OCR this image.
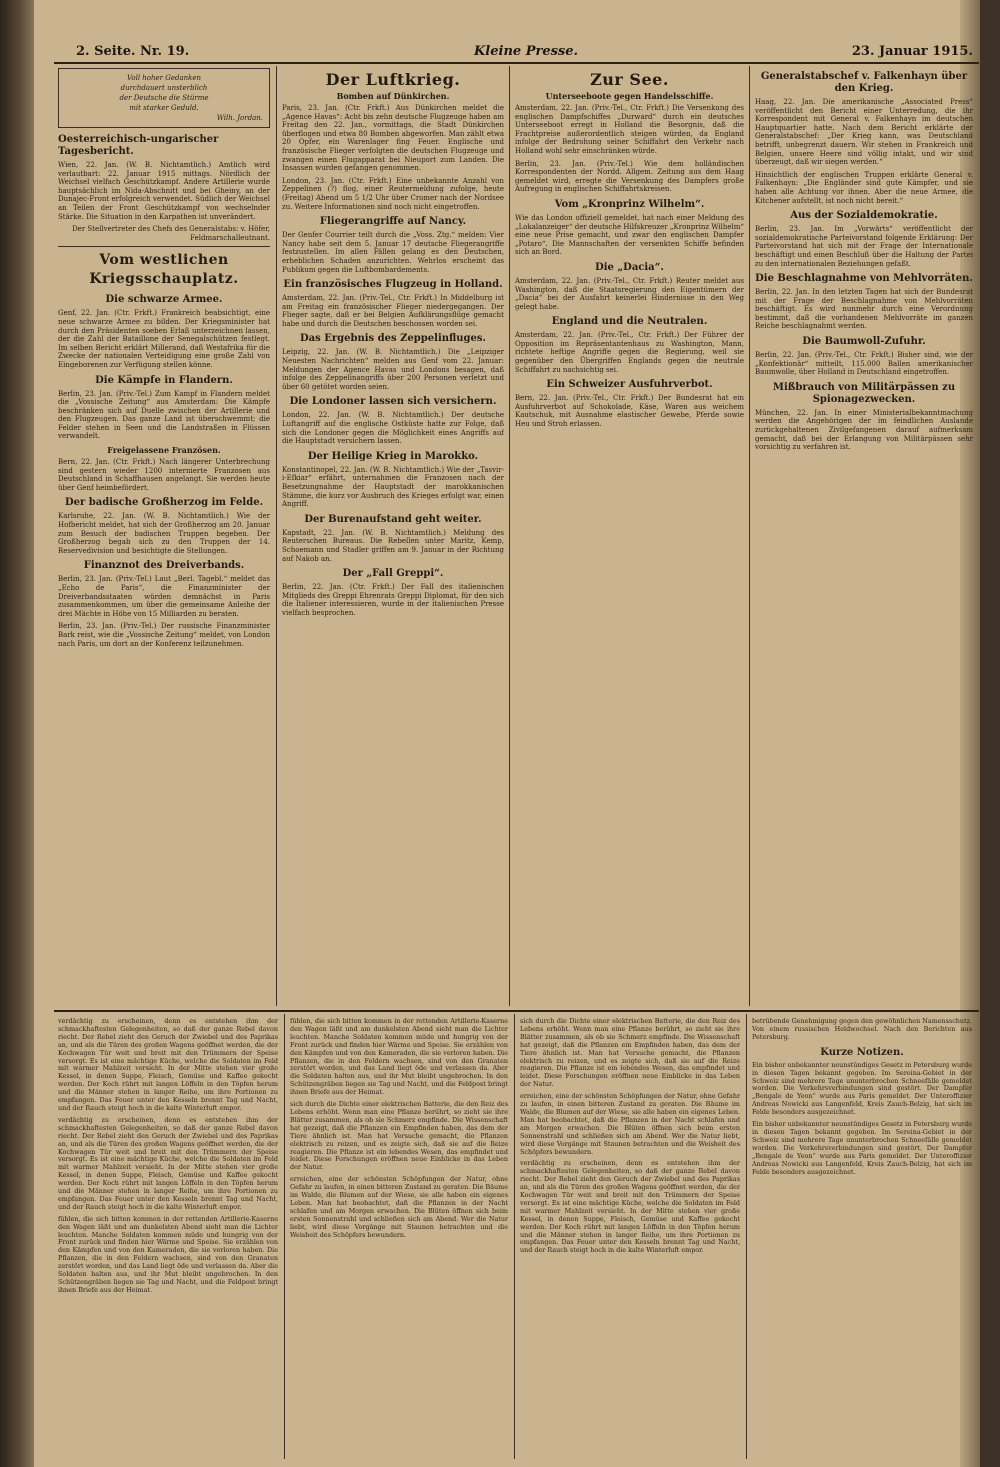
2. Seite. Nr. 19.	Kleine Presse.	23. Januar 1915.
Voll hoher Gedanken
durchdauert unsterblich
der Deutsche die Stürme
mit starker Geduld.
Wilh. Jordan.
Oesterreichisch-ungarischer Tagesbericht.

Wien, 22. Jan. (W. B. Nichtamtlich.) Amtlich wird verlautbart: 22. Januar 1915 mittags. Nördlich der Weichsel vielfach Geschützkampf. Andere Artillerie wurde hauptsächlich im Nida-Abschnitt und bei Gheiny, an der Dunajec-Front erfolgreich verwendet. Südlich der Weichsel an Teilen der Front Geschützkampf von wechselnder Stärke. Die Situation in den Karpathen ist unverändert.

Der Stellvertreter des Chefs des Generalstabs: v. Höfer, Feldmarschalleutnant.

Vom westlichen Kriegsschauplatz.
Die schwarze Armee.

Genf, 22. Jan. (Ctr. Frkft.) Frankreich beabsichtigt, eine neue schwarze Armee zu bilden. Der Kriegsminister hat durch den Präsidenten soeben Erlaß unterzeichnen lassen, der die Zahl der Bataillone der Senegalschützen festlegt. Im selben Bericht erklärt Millerand, daß Westafrika für die Zwecke der nationalen Verteidigung eine große Zahl von Eingeborenen zur Verfügung stellen könne.

Die Kämpfe in Flandern.

Berlin, 23. Jan. (Priv.-Tel.) Zum Kampf in Flandern meldet die „Vossische Zeitung“ aus Amsterdam: Die Kämpfe beschränken sich auf Duelle zwischen der Artillerie und den Flugzeugen. Das ganze Land ist überschwemmt; die Felder stehen in Seen und die Landstraßen in Flüssen verwandelt.

Freigelassene Französen.

Bern, 22. Jan. (Ctr. Frkft.) Nach längerer Unterbrechung sind gestern wieder 1200 internierte Franzosen aus Deutschland in Schaffhausen angelangt. Sie werden heute über Genf heimbefördert.

Der badische Großherzog im Felde.

Karlsruhe, 22. Jan. (W. B. Nichtamtlich.) Wie der Hofbericht meldet, hat sich der Großherzog am 20. Januar zum Besuch der badischen Truppen begeben. Der Großherzog begab sich zu den Truppen der 14. Reservedivision und besichtigte die Stellungen.

Finanznot des Dreiverbands.

Berlin, 23. Jan. (Priv.-Tel.) Laut „Berl. Tagebl.“ meldet das „Echo de Paris“, die Finanzminister der Dreiverbandsstaaten würden demnächst in Paris zusammenkommen, um über die gemeinsame Anleihe der drei Mächte in Höhe von 15 Milliarden zu beraten.

Berlin, 23. Jan. (Priv.-Tel.) Der russische Finanzminister Bark reist, wie die „Vossische Zeitung“ meldet, von London nach Paris, um dort an der Konferenz teilzunehmen.

Der Luftkrieg.
Bomben auf Dünkirchen.

Paris, 23. Jan. (Ctr. Frkft.) Aus Dünkirchen meldet die „Agence Havas“: Acht bis zehn deutsche Flugzeuge haben am Freitag den 22. Jan., vormittags, die Stadt Dünkirchen überflogen und etwa 80 Bomben abgeworfen. Man zählt etwa 20 Opfer, ein Warenlager fing Feuer. Englische und französische Flieger verfolgten die deutschen Flugzeuge und zwangen einen Flugapparat bei Nieuport zum Landen. Die Insassen wurden gefangen genommen.

London, 23. Jan. (Ctr. Frkft.) Eine unbekannte Anzahl von Zeppelinen (?) flog, einer Reutermeldung zufolge, heute (Freitag) Abend um 5 1/2 Uhr über Cromer nach der Nordsee zu. Weitere Informationen sind noch nicht eingetroffen.

Fliegerangriffe auf Nancy.

Der Genfer Courrier teilt durch die „Voss. Ztg.“ melden: Vier Nancy habe seit dem 5. Januar 17 deutsche Fliegerangriffe festzustellen. Im allen Fällen gelang es den Deutschen, erheblichen Schaden anzurichten. Wehrlos erscheint das Publikum gegen die Luftbombardements.

Ein französisches Flugzeug in Holland.

Amsterdam, 22. Jan. (Priv.-Tel., Ctr. Frkft.) In Middelburg ist am Freitag ein französischer Flieger niedergegangen. Der Flieger sagte, daß er bei Belgien Aufklärungsflüge gemacht habe und durch die Deutschen beschossen worden sei.

Das Ergebnis des Zeppelinfluges.

Leipzig, 22. Jan. (W. B. Nichtamtlich.) Die „Leipziger Neuesten Nachrichten“ melden aus Genf vom 22. Januar: Meldungen der Agence Havas und Londons besagen, daß infolge des Zeppelinangriffs über 200 Personen verletzt und über 60 getötet worden seien.

Die Londoner lassen sich versichern.

London, 22. Jan. (W. B. Nichtamtlich.) Der deutsche Luftangriff auf die englische Ostküste hatte zur Folge, daß sich die Londoner gegen die Möglichkeit eines Angriffs auf die Hauptstadt versichern lassen.

Der Heilige Krieg in Marokko.

Konstantinopel, 22. Jan. (W. B. Nichtamtlich.) Wie der „Tasvir-i-Efkiar“ erfährt, unternahmen die Franzosen nach der Besetzungnahme der Hauptstadt der marokkanischen Stämme, die kurz vor Ausbruch des Krieges erfolgt war, einen Angriff.

Der Burenaufstand geht weiter.

Kapstadt, 22. Jan. (W. B. Nichtamtlich.) Meldung des Reuterschen Bureaus. Die Rebellen unter Maritz, Kemp, Schoemann und Stadler griffen am 9. Januar in der Richtung auf Nakob an.

Der „Fall Greppi“.

Berlin, 22. Jan. (Ctr. Frkft.) Der Fall des italienischen Mitglieds des Greppi Ehrenrats Greppi Diplomat, für den sich die Italiener interessieren, wurde in der italienischen Presse vielfach besprochen.

Zur See.
Unterseeboote gegen Handelsschiffe.

Amsterdam, 22. Jan. (Priv.-Tel., Ctr. Frkft.) Die Versenkung des englischen Dampfschiffes „Durward“ durch ein deutsches Unterseeboot erregt in Holland die Besorgnis, daß die Frachtpreise außerordentlich steigen würden, da England infolge der Bedrohung seiner Schiffahrt den Verkehr nach Holland wohl sehr einschränken würde.

Berlin, 23. Jan. (Priv.-Tel.) Wie dem holländischen Korrespondenten der Nordd. Allgem. Zeitung aus dem Haag gemeldet wird, erregte die Versenkung des Dampfers große Aufregung in englischen Schiffahrtskreisen.

Vom „Kronprinz Wilhelm“.

Wie das London offiziell gemeldet, hat nach einer Meldung des „Lokalanzeiger“ der deutsche Hilfskreuzer „Kronprinz Wilhelm“ eine neue Prise gemacht, und zwar den englischen Dampfer „Potaro“. Die Mannschaften der versenkten Schiffe befinden sich an Bord.

Die „Dacia“.

Amsterdam, 22. Jan. (Priv.-Tel., Ctr. Frkft.) Reuter meldet aus Washington, daß die Staatsregierung den Eigentümern der „Dacia“ bei der Ausfahrt keinerlei Hindernisse in den Weg gelegt habe.

England und die Neutralen.

Amsterdam, 22. Jan. (Priv.-Tel., Ctr. Frkft.) Der Führer der Opposition im Repräsentantenhaus zu Washington, Mann, richtete heftige Angriffe gegen die Regierung, weil sie gegenüber den Übergriffen Englands gegen die neutrale Schiffahrt zu nachsichtig sei.

Ein Schweizer Ausfuhrverbot.

Bern, 22. Jan. (Priv.-Tel., Ctr. Frkft.) Der Bundesrat hat ein Ausfuhrverbot auf Schokolade, Käse, Waren aus weichem Kautschuk, mit Ausnahme elastischer Gewebe, Pferde sowie Heu und Stroh erlassen.

Generalstabschef v. Falkenhayn über den Krieg.

Haag, 22. Jan. Die amerikanische „Associated Press“ veröffentlicht den Bericht einer Unterredung, die ihr Korrespondent mit General v. Falkenhayn im deutschen Hauptquartier hatte. Nach dem Bericht erklärte der Generalstabschef: „Der Krieg kann, was Deutschland betrifft, unbegrenzt dauern. Wir stehen in Frankreich und Belgien, unsere Heere sind völlig intakt, und wir sind überzeugt, daß wir siegen werden.“

Hinsichtlich der englischen Truppen erklärte General v. Falkenhayn: „Die Engländer sind gute Kämpfer, und sie haben alle Achtung vor ihnen. Aber die neue Armee, die Kitchener aufstellt, ist noch nicht bereit.“

Aus der Sozialdemokratie.

Berlin, 23. Jan. Im „Vorwärts“ veröffentlicht der sozialdemokratische Parteivorstand folgende Erklärung: Der Parteivorstand hat sich mit der Frage der Internationale beschäftigt und einen Beschluß über die Haltung der Partei zu den internationalen Beziehungen gefaßt.

Die Beschlagnahme von Mehlvorräten.

Berlin, 22. Jan. In den letzten Tagen hat sich der Bundesrat mit der Frage der Beschlagnahme von Mehlvorräten beschäftigt. Es wird nunmehr durch eine Verordnung bestimmt, daß die vorhandenen Mehlvorräte im ganzen Reiche beschlagnahmt werden.

Die Baumwoll-Zufuhr.

Berlin, 22. Jan. (Priv.-Tel., Ctr. Frkft.) Bisher sind, wie der „Konfektionär“ mitteilt, 115.000 Ballen amerikanischer Baumwolle, über Holland in Deutschland eingetroffen.

Mißbrauch von Militärpässen zu Spionagezwecken.

München, 22. Jan. In einer Ministerialbekanntmachung werden die Angehörigen der im feindlichen Auslande zurückgehaltenen Zivilgefangenen darauf aufmerksam gemacht, daß bei der Erlangung von Militärpässen sehr vorsichtig zu verfahren ist.

verdächtig zu erscheinen, denn es entstehen ihm der schmackhaftesten Gelegenheiten, so daß der ganze Rebel davon riecht. Der Rebel zieht den Geruch der Zwiebel und des Paprikas an, und als die Türen des großen Wagens geöffnet werden, die der Kochwagen Tür weit und breit mit den Trümmern der Speise versorgt. Es ist eine mächtige Küche, welche die Soldaten im Feld mit warmer Mahlzeit versieht. In der Mitte stehen vier große Kessel, in denen Suppe, Fleisch, Gemüse und Kaffee gekocht werden. Der Koch rührt mit langen Löffeln in den Töpfen herum und die Männer stehen in langer Reihe, um ihre Portionen zu empfangen. Das Feuer unter den Kesseln brennt Tag und Nacht, und der Rauch steigt hoch in die kalte Winterluft empor.

verdächtig zu erscheinen, denn es entstehen ihm der schmackhaftesten Gelegenheiten, so daß der ganze Rebel davon riecht. Der Rebel zieht den Geruch der Zwiebel und des Paprikas an, und als die Türen des großen Wagens geöffnet werden, die der Kochwagen Tür weit und breit mit den Trümmern der Speise versorgt. Es ist eine mächtige Küche, welche die Soldaten im Feld mit warmer Mahlzeit versieht. In der Mitte stehen vier große Kessel, in denen Suppe, Fleisch, Gemüse und Kaffee gekocht werden. Der Koch rührt mit langen Löffeln in den Töpfen herum und die Männer stehen in langer Reihe, um ihre Portionen zu empfangen. Das Feuer unter den Kesseln brennt Tag und Nacht, und der Rauch steigt hoch in die kalte Winterluft empor.

fühlen, die sich bitten kommen in der rettenden Artillerie-Kaserne den Wagen läßt und am dunkelsten Abend sieht man die Lichter leuchten. Manche Soldaten kommen müde und hungrig von der Front zurück und finden hier Wärme und Speise. Sie erzählen von den Kämpfen und von den Kameraden, die sie verloren haben. Die Pflanzen, die in den Feldern wachsen, sind von den Granaten zerstört worden, und das Land liegt öde und verlassen da. Aber die Soldaten halten aus, und ihr Mut bleibt ungebrochen. In den Schützengräben liegen sie Tag und Nacht, und die Feldpost bringt ihnen Briefe aus der Heimat.

fühlen, die sich bitten kommen in der rettenden Artillerie-Kaserne den Wagen läßt und am dunkelsten Abend sieht man die Lichter leuchten. Manche Soldaten kommen müde und hungrig von der Front zurück und finden hier Wärme und Speise. Sie erzählen von den Kämpfen und von den Kameraden, die sie verloren haben. Die Pflanzen, die in den Feldern wachsen, sind von den Granaten zerstört worden, und das Land liegt öde und verlassen da. Aber die Soldaten halten aus, und ihr Mut bleibt ungebrochen. In den Schützengräben liegen sie Tag und Nacht, und die Feldpost bringt ihnen Briefe aus der Heimat.

sich durch die Dichte einer elektrischen Batterie, die den Reiz des Lebens erhöht. Wenn man eine Pflanze berührt, so zieht sie ihre Blätter zusammen, als ob sie Schmerz empfinde. Die Wissenschaft hat gezeigt, daß die Pflanzen ein Empfinden haben, das dem der Tiere ähnlich ist. Man hat Versuche gemacht, die Pflanzen elektrisch zu reizen, und es zeigte sich, daß sie auf die Reize reagieren. Die Pflanze ist ein lebendes Wesen, das empfindet und leidet. Diese Forschungen eröffnen neue Einblicke in das Leben der Natur.

erreichen, eine der schönsten Schöpfungen der Natur, ohne Gefahr zu laufen, in einen bitteren Zustand zu geraten. Die Bäume im Walde, die Blumen auf der Wiese, sie alle haben ein eigenes Leben. Man hat beobachtet, daß die Pflanzen in der Nacht schlafen und am Morgen erwachen. Die Blüten öffnen sich beim ersten Sonnenstrahl und schließen sich am Abend. Wer die Natur liebt, wird diese Vorgänge mit Staunen betrachten und die Weisheit des Schöpfers bewundern.

sich durch die Dichte einer elektrischen Batterie, die den Reiz des Lebens erhöht. Wenn man eine Pflanze berührt, so zieht sie ihre Blätter zusammen, als ob sie Schmerz empfinde. Die Wissenschaft hat gezeigt, daß die Pflanzen ein Empfinden haben, das dem der Tiere ähnlich ist. Man hat Versuche gemacht, die Pflanzen elektrisch zu reizen, und es zeigte sich, daß sie auf die Reize reagieren. Die Pflanze ist ein lebendes Wesen, das empfindet und leidet. Diese Forschungen eröffnen neue Einblicke in das Leben der Natur.

erreichen, eine der schönsten Schöpfungen der Natur, ohne Gefahr zu laufen, in einen bitteren Zustand zu geraten. Die Bäume im Walde, die Blumen auf der Wiese, sie alle haben ein eigenes Leben. Man hat beobachtet, daß die Pflanzen in der Nacht schlafen und am Morgen erwachen. Die Blüten öffnen sich beim ersten Sonnenstrahl und schließen sich am Abend. Wer die Natur liebt, wird diese Vorgänge mit Staunen betrachten und die Weisheit des Schöpfers bewundern.

verdächtig zu erscheinen, denn es entstehen ihm der schmackhaftesten Gelegenheiten, so daß der ganze Rebel davon riecht. Der Rebel zieht den Geruch der Zwiebel und des Paprikas an, und als die Türen des großen Wagens geöffnet werden, die der Kochwagen Tür weit und breit mit den Trümmern der Speise versorgt. Es ist eine mächtige Küche, welche die Soldaten im Feld mit warmer Mahlzeit versieht. In der Mitte stehen vier große Kessel, in denen Suppe, Fleisch, Gemüse und Kaffee gekocht werden. Der Koch rührt mit langen Löffeln in den Töpfen herum und die Männer stehen in langer Reihe, um ihre Portionen zu empfangen. Das Feuer unter den Kesseln brennt Tag und Nacht, und der Rauch steigt hoch in die kalte Winterluft empor.

betrübende Genehmigung gegen den gewöhnlichen Namensschutz. Von einem russischen Heldwochsel. Nach den Berichten aus Petersburg.

Kurze Notizen.

Ein bisher unbekannter neunstündiges Gesetz in Petersburg wurde in diesen Tagen bekannt gegeben. Im Sereina-Gebiet in der Schweiz sind mehrere Tage ununterbrochen Schneefälle gemeldet worden. Die Verkehrsverbindungen sind gestört. Der Dampfer „Bengale de Yeon“ wurde aus Paris gemeldet. Der Unteroffizier Andreas Nowicki aus Langenfeld, Kreis Zauch-Belzig, hat sich im Felde besonders ausgezeichnet.

Ein bisher unbekannter neunstündiges Gesetz in Petersburg wurde in diesen Tagen bekannt gegeben. Im Sereina-Gebiet in der Schweiz sind mehrere Tage ununterbrochen Schneefälle gemeldet worden. Die Verkehrsverbindungen sind gestört. Der Dampfer „Bengale de Yeon“ wurde aus Paris gemeldet. Der Unteroffizier Andreas Nowicki aus Langenfeld, Kreis Zauch-Belzig, hat sich im Felde besonders ausgezeichnet.
